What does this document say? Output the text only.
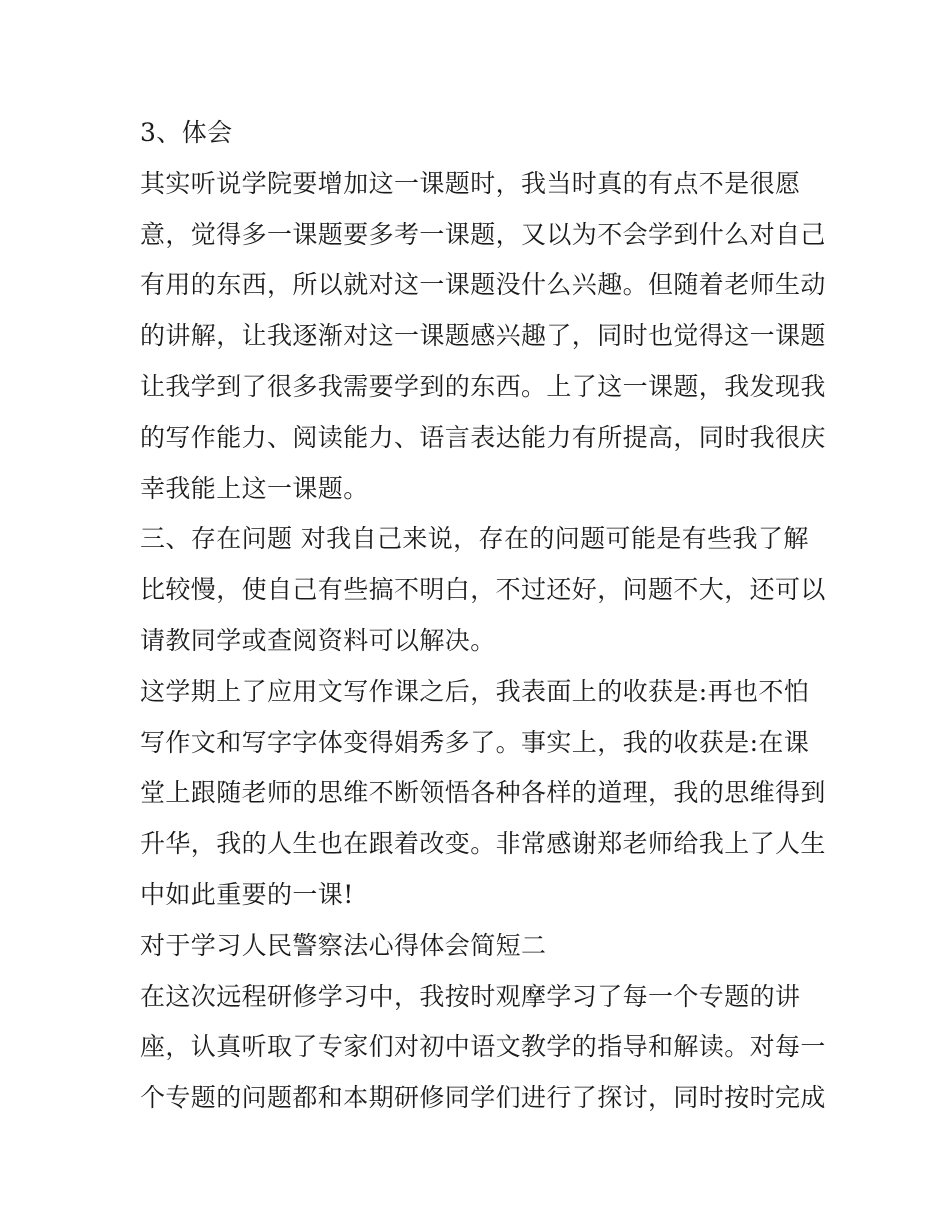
3、体会
其实听说学院要增加这一课题时，我当时真的有点不是很愿
意，觉得多一课题要多考一课题，又以为不会学到什么对自己
有用的东西，所以就对这一课题没什么兴趣。但随着老师生动
的讲解，让我逐渐对这一课题感兴趣了，同时也觉得这一课题
让我学到了很多我需要学到的东西。上了这一课题，我发现我
的写作能力、阅读能力、语言表达能力有所提高，同时我很庆
幸我能上这一课题。
三、存在问题 对我自己来说，存在的问题可能是有些我了解
比较慢，使自己有些搞不明白，不过还好，问题不大，还可以
请教同学或查阅资料可以解决。
这学期上了应用文写作课之后，我表面上的收获是:再也不怕
写作文和写字字体变得娟秀多了。事实上，我的收获是:在课
堂上跟随老师的思维不断领悟各种各样的道理，我的思维得到
升华，我的人生也在跟着改变。非常感谢郑老师给我上了人生
中如此重要的一课!
对于学习人民警察法心得体会简短二
在这次远程研修学习中，我按时观摩学习了每一个专题的讲
座，认真听取了专家们对初中语文教学的指导和解读。对每一
个专题的问题都和本期研修同学们进行了探讨，同时按时完成
